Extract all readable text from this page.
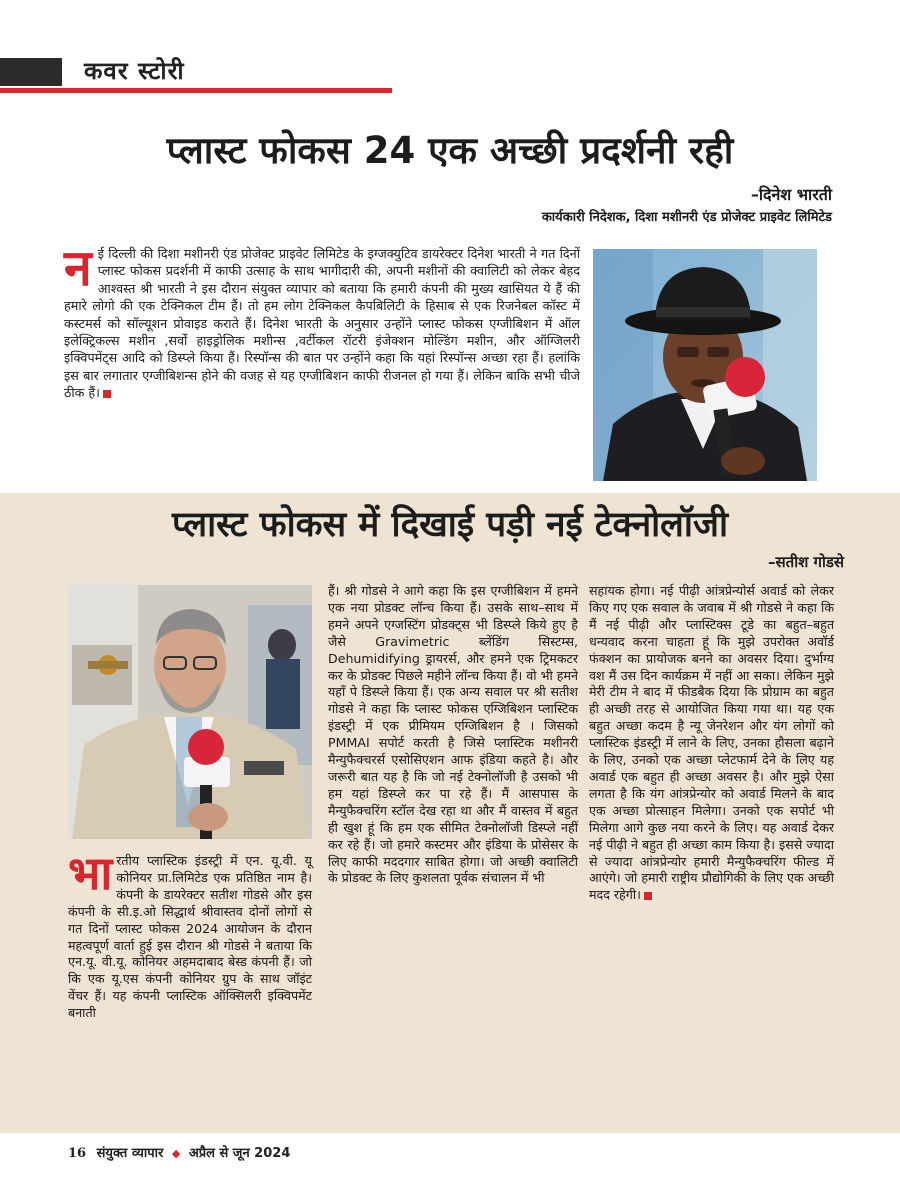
कवर स्टोरी
प्लास्ट फोकस 24 एक अच्छी प्रदर्शनी रही
–दिनेश भारती
कार्यकारी निदेशक, दिशा मशीनरी एंड प्रोजेक्ट प्राइवेट लिमिटेड
नई दिल्ली की दिशा मशीनरी एंड प्रोजेक्ट प्राइवेट लिमिटेड के इग्जक्युटिव डायरेक्टर दिनेश भारती ने गत दिनों प्लास्ट फोकस प्रदर्शनी में काफी उत्साह के साथ भागीदारी की, अपनी मशीनों की क्वालिटी को लेकर बेहद आश्वस्त श्री भारती ने इस दौरान संयुक्त व्यापार को बताया कि हमारी कंपनी की मुख्य खासियत ये हैं की हमारे लोगो की एक टेक्निकल टीम हैं। तो हम लोग टेक्निकल कैपबिलिटी के हिसाब से एक रिजनेबल कॉस्ट में कस्टमर्स को सॉल्यूशन प्रोवाइड कराते हैं। दिनेश भारती के अनुसार उन्होंने प्लास्ट फोकस एग्जीबिशन में ऑल इलेक्ट्रिकल्स मशीन ,सर्वो हाइड्रोलिक मशीन्स ,वर्टीकल रॉटरी इंजेक्शन मोल्डिंग मशीन, और ऑग्जिलरी इक्विपमेंट्स आदि को डिस्प्ले किया हैं। रिस्पॉन्स की बात पर उन्होंने कहा कि यहां रिस्पॉन्स अच्छा रहा हैं। हलांकि इस बार लगातार एग्जीबिशन्स होने की वजह से यह एग्जीबिशन काफी रीजनल हो गया हैं। लेकिन बाकि सभी चीजे ठीक हैं।
प्लास्ट फोकस में दिखाई पड़ी नई टेक्नोलॉजी
–सतीश गोडसे
भारतीय प्लास्टिक इंडस्ट्री में एन. यू.वी. यू कोनियर प्रा.लिमिटेड एक प्रतिष्ठित नाम है। कंपनी के डायरेक्टर सतीश गोडसे और इस कंपनी के सी.इ.ओ सिद्धार्थ श्रीवास्तव दोनों लोगों से गत दिनों प्लास्ट फोकस 2024 आयोजन के दौरान महत्वपूर्ण वार्ता हुई इस दौरान श्री गोडसे ने बताया कि एन.यू. वी.यू. कोनियर अहमदाबाद बेस्ड कंपनी हैं। जो कि एक यू.एस कंपनी कोनियर ग्रुप के साथ जॉइंट वेंचर हैं। यह कंपनी प्लास्टिक ऑक्सिलरी इक्विपमेंट बनाती
हैं। श्री गोडसे ने आगे कहा कि इस एग्जीबिशन में हमने एक नया प्रोडक्ट लॉन्च किया हैं। उसके साथ–साथ में हमने अपने एग्जस्टिंग प्रोडक्ट्स भी डिस्प्ले किये हुए है जैसे Gravimetric ब्लेंडिंग सिस्टम्स, Dehumidifying ड्रायरर्स, और हमने एक ट्रिमकटर कर के प्रोडक्ट पिछले महीने लॉन्च किया हैं। वो भी हमने यहाँ पे डिस्प्ले किया हैं। एक अन्य सवाल पर श्री सतीश गोडसे ने कहा कि प्लास्ट फोकस एग्जिबिशन प्लास्टिक इंडस्ट्री में एक प्रीमियम एग्जिबिशन है । जिसको PMMAI सपोर्ट करती है जिसे प्लास्टिक मशीनरी मैन्युफैक्चरर्स एसोसिएशन आफ इंडिया कहते है। और जरूरी बात यह है कि जो नई टेक्नोलॉजी है उसको भी हम यहां डिस्प्ले कर पा रहे हैं। मैं आसपास के मैन्युफैक्चरिंग स्टॉल देख रहा था और मैं वास्तव में बहुत ही खुश हूं कि हम एक सीमित टेक्नोलॉजी डिस्प्ले नहीं कर रहे हैं। जो हमारे कस्टमर और इंडिया के प्रोसेसर के लिए काफी मददगार साबित होगा। जो अच्छी क्वालिटी के प्रोडक्ट के लिए कुशलता पूर्वक संचालन में भी
सहायक होगा। नई पीढ़ी आंत्रप्रेन्योर्स अवार्ड को लेकर किए गए एक सवाल के जवाब में श्री गोडसे ने कहा कि मैं नई पीढ़ी और प्लास्टिक्स टूडे का बहुत–बहुत धन्यवाद करना चाहता हूं कि मुझे उपरोक्त अवॉर्ड फंक्शन का प्रायोजक बनने का अवसर दिया। दुर्भाग्य वश मैं उस दिन कार्यक्रम में नहीं आ सका। लेकिन मुझे मेरी टीम ने बाद में फीडबैक दिया कि प्रोग्राम का बहुत ही अच्छी तरह से आयोजित किया गया था। यह एक बहुत अच्छा कदम है न्यू जेनरेशन और यंग लोगों को प्लास्टिक इंडस्ट्री में लाने के लिए, उनका हौसला बढ़ाने के लिए, उनको एक अच्छा प्लेटफार्म देने के लिए यह अवार्ड एक बहुत ही अच्छा अवसर है। और मुझे ऐसा लगता है कि यंग आंत्रप्रेन्योर को अवार्ड मिलने के बाद एक अच्छा प्रोत्साहन मिलेगा। उनको एक सपोर्ट भी मिलेगा आगे कुछ नया करने के लिए। यह अवार्ड देकर नई पीढ़ी ने बहुत ही अच्छा काम किया है। इससे ज्यादा से ज्यादा आंत्रप्रेन्योर हमारी मैन्युफैक्चरिंग फील्ड में आएंगे। जो हमारी राष्ट्रीय प्रौद्योगिकी के लिए एक अच्छी मदद रहेगी।
16 संयुक्त व्यापार ◆ अप्रैल से जून 2024
